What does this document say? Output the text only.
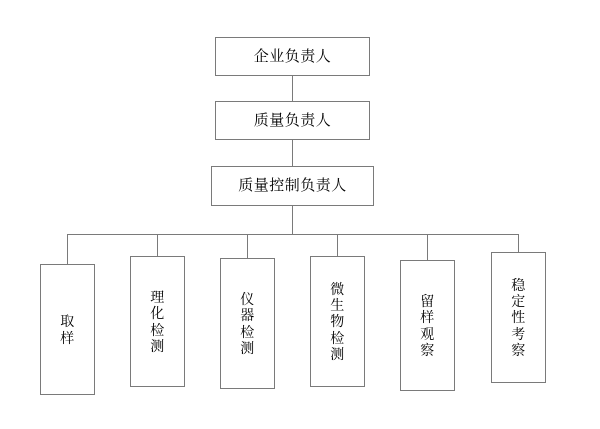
企业负责人
质量负责人
质量控制负责人
取样
理化检测
仪器检测
微生物检测
留样观察
稳定性考察
